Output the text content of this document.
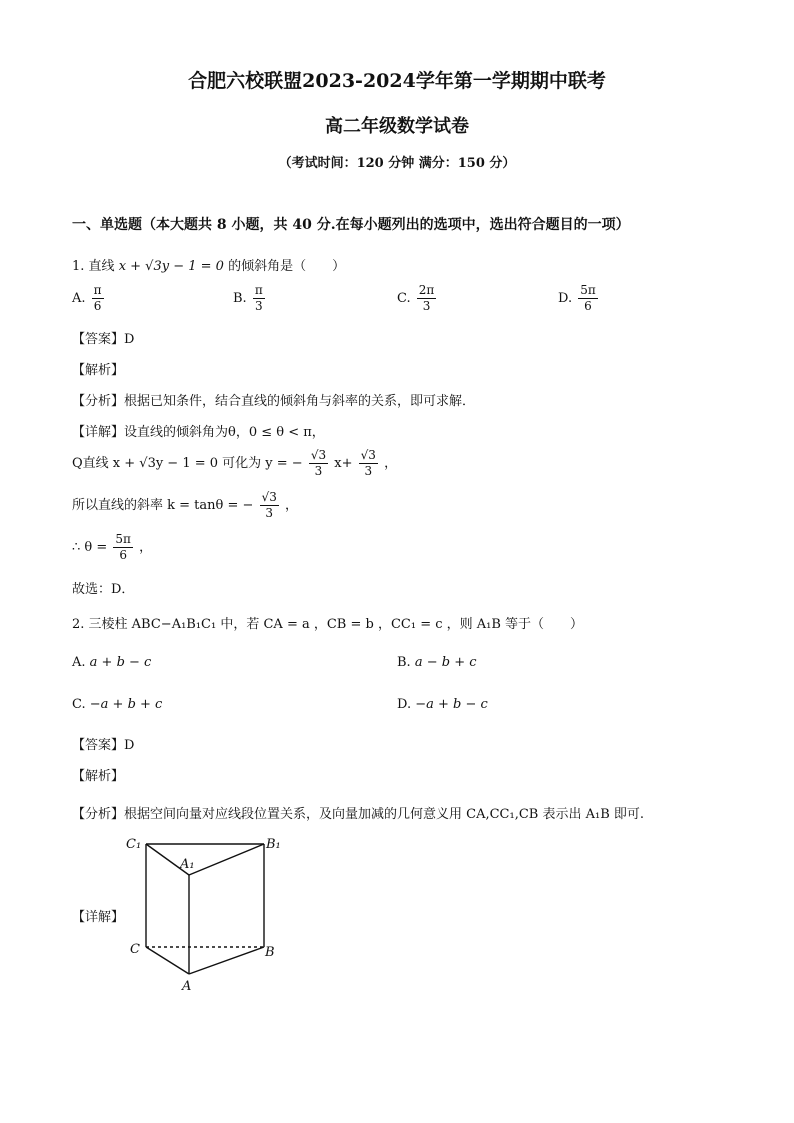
合肥六校联盟2023-2024学年第一学期期中联考
高二年级数学试卷
（考试时间：120 分钟 满分：150 分）
一、单选题（本大题共 8 小题，共 40 分.在每小题列出的选项中，选出符合题目的一项）
1. 直线 x + √3y − 1 = 0 的倾斜角是（　　）
A. $\frac{\pi}{6}$	B. $\frac{\pi}{3}$	C. $\frac{2\pi}{3}$	D. $\frac{5\pi}{6}$
【答案】D
【解析】
【分析】根据已知条件，结合直线的倾斜角与斜率的关系，即可求解．
【详解】设直线的倾斜角为θ，0 ≤ θ < π，
Q直线 x + √3y − 1 = 0 可化为 y = − $\frac{√3}{3} x+ \frac{√3}{3}$ ，
所以直线的斜率 k = tanθ = − $\frac{√3}{3}$ ，
∴ $\theta = \frac{5\pi}{6}$ ，
故选：D．
2. 三棱柱 ABC−A₁B₁C₁ 中，若 CA = a ，CB = b ，CC₁ = c ，则 A₁B 等于（　　）
A. a + b − c	B. a − b + c
C. −a + b + c	D. −a + b − c
【答案】D
【解析】
【分析】根据空间向量对应线段位置关系，及向量加减的几何意义用 CA,CC₁,CB 表示出 A₁B 即可.
【详解】
C₁	B₁
A₁
C	B
A
